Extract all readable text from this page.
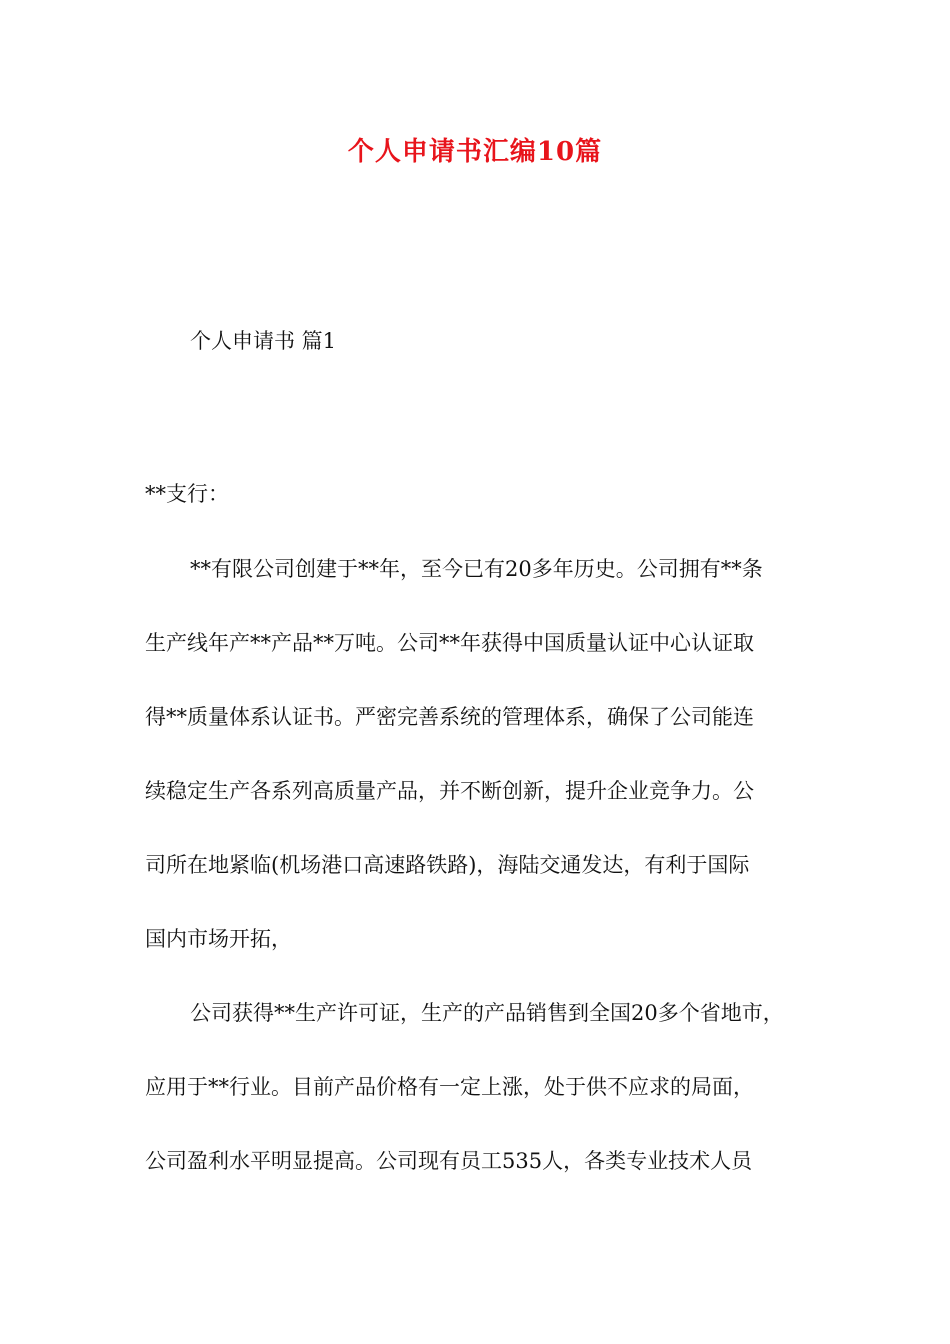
个人申请书汇编10篇
个人申请书 篇1
**支行：
**有限公司创建于**年，至今已有20多年历史。公司拥有**条
生产线年产**产品**万吨。公司**年获得中国质量认证中心认证取
得**质量体系认证书。严密完善系统的管理体系，确保了公司能连
续稳定生产各系列高质量产品，并不断创新，提升企业竞争力。公
司所在地紧临(机场港口高速路铁路)，海陆交通发达，有利于国际
国内市场开拓，
公司获得**生产许可证，生产的产品销售到全国20多个省地市，
应用于**行业。目前产品价格有一定上涨，处于供不应求的局面，
公司盈利水平明显提高。公司现有员工535人，各类专业技术人员
